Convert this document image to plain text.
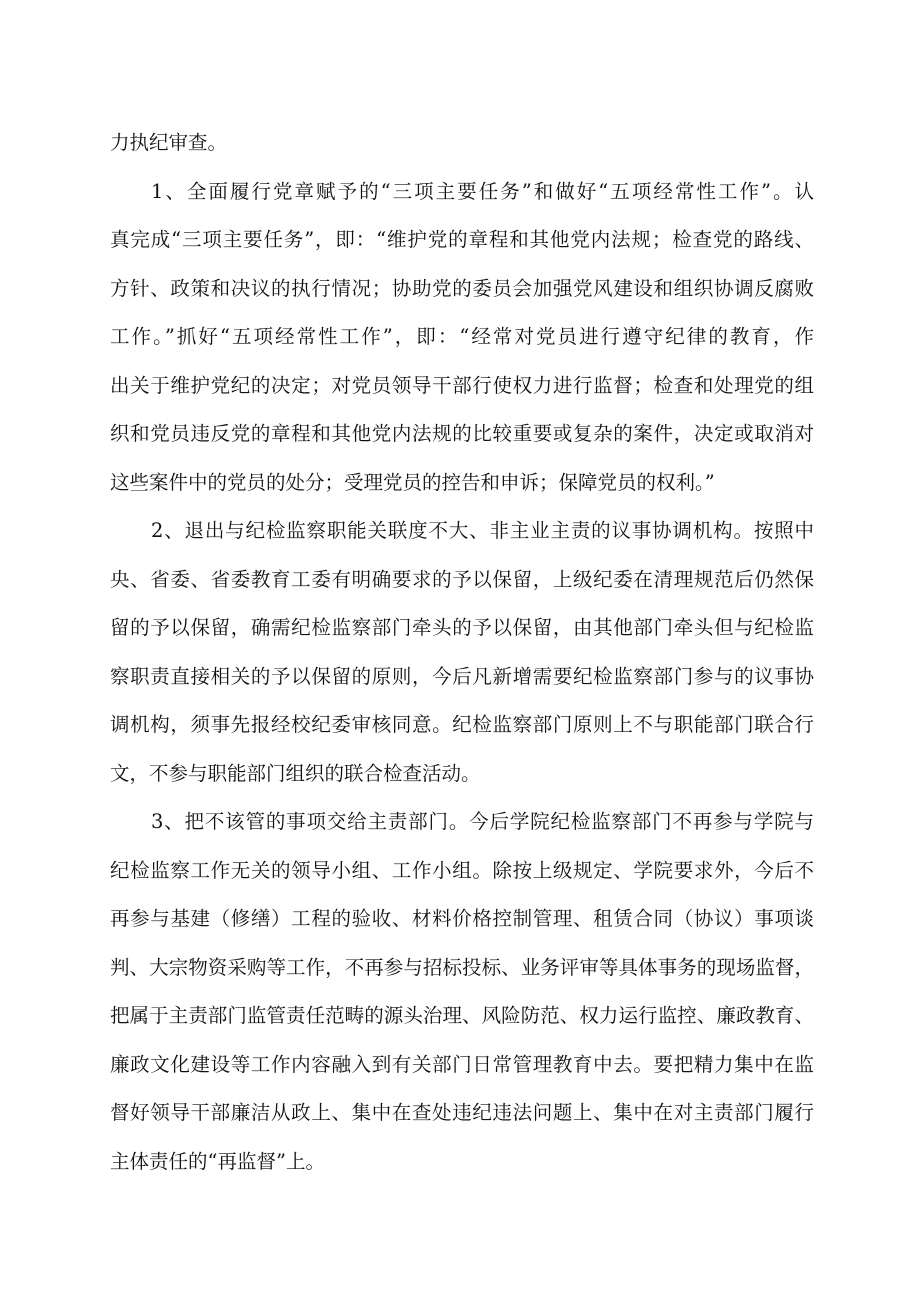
力执纪审查。
1、全面履行党章赋予的“三项主要任务”和做好“五项经常性工作”。认
真完成“三项主要任务”，即：“维护党的章程和其他党内法规；检查党的路线、
方针、政策和决议的执行情况；协助党的委员会加强党风建设和组织协调反腐败
工作。”抓好“五项经常性工作”，即：“经常对党员进行遵守纪律的教育，作
出关于维护党纪的决定；对党员领导干部行使权力进行监督；检查和处理党的组
织和党员违反党的章程和其他党内法规的比较重要或复杂的案件，决定或取消对
这些案件中的党员的处分；受理党员的控告和申诉；保障党员的权利。”
2、退出与纪检监察职能关联度不大、非主业主责的议事协调机构。按照中
央、省委、省委教育工委有明确要求的予以保留，上级纪委在清理规范后仍然保
留的予以保留，确需纪检监察部门牵头的予以保留，由其他部门牵头但与纪检监
察职责直接相关的予以保留的原则，今后凡新增需要纪检监察部门参与的议事协
调机构，须事先报经校纪委审核同意。纪检监察部门原则上不与职能部门联合行
文，不参与职能部门组织的联合检查活动。
3、把不该管的事项交给主责部门。今后学院纪检监察部门不再参与学院与
纪检监察工作无关的领导小组、工作小组。除按上级规定、学院要求外，今后不
再参与基建（修缮）工程的验收、材料价格控制管理、租赁合同（协议）事项谈
判、大宗物资采购等工作，不再参与招标投标、业务评审等具体事务的现场监督，
把属于主责部门监管责任范畴的源头治理、风险防范、权力运行监控、廉政教育、
廉政文化建设等工作内容融入到有关部门日常管理教育中去。要把精力集中在监
督好领导干部廉洁从政上、集中在查处违纪违法问题上、集中在对主责部门履行
主体责任的“再监督”上。
